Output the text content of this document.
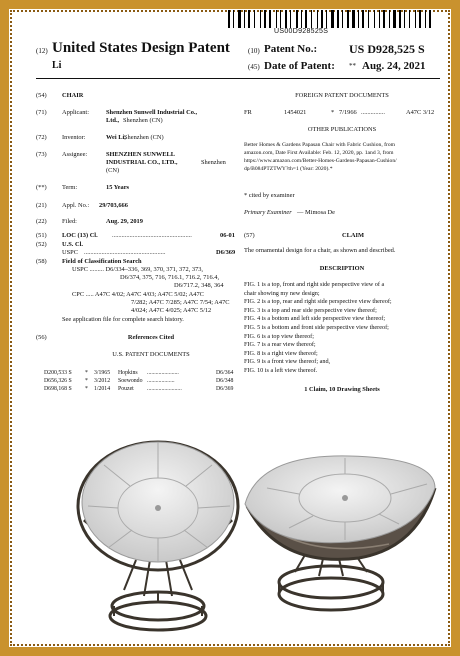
US00D928525S
(12) United States Design Patent
Li
(10) Patent No.:	US D928,525 S
(45) Date of Patent: ** Aug. 24, 2021
(54) CHAIR
(71) Applicant:	Shenzhen Sunwell Industrial Co.,
Ltd., Shenzhen (CN)
(72) Inventor:	Wei Li,
Shenzhen (CN)
(73) Assignee:	SHENZHEN SUNWELL
INDUSTRIAL CO., LTD.,	Shenzhen
(CN)
(**) Term:	15 Years
(21) Appl. No.: 29/703,666
(22) Filed:	Aug. 29, 2019
(51) LOC (13) Cl. ..................................................	06-01
(52) U.S. Cl.
USPC ...................................................	D6/369
(58) Field of Classification Search
USPC ......... D6/334–336, 369, 370, 371, 372, 373,
D6/374, 375, 716, 716.1, 716.2, 716.4,
D6/717.2, 348, 364
CPC ..... A47C 4/02; A47C 4/03; A47C 5/02; A47C
7/282; A47C 7/285; A47C 7/54; A47C
4/024; A47C 4/025; A47C 5/12
See application file for complete search history.
(56)	References Cited
U.S. PATENT DOCUMENTS
D200,533 S * 3/1965 Hopkins ......................	D6/364
D656,326 S * 3/2012 Soewondo ...................	D6/348
D698,168 S * 1/2014 Pouzet ........................	D6/369
FOREIGN PATENT DOCUMENTS
FR	1454021	* 7/1966 ...............	A47C 3/12
OTHER PUBLICATIONS
Better Homes & Gardens Papasan Chair with Fabric Cushion, from
amazon.com, Date First Available: Feb. 12, 2020, pp. 1and 3, from
https://www.amazon.com/Better-Homes-Gardens-Papasan-Cushion/
dp/B084PTZTWY?th=1 (Year: 2020).*
* cited by examiner
Primary Examiner — Mimosa De
(57)	CLAIM
The ornamental design for a chair, as shown and described.
DESCRIPTION
FIG. 1 is a top, front and right side perspective view of a
chair showing my new design;
FIG. 2 is a top, rear and right side perspective view thereof;
FIG. 3 is a top and rear side perspective view thereof;
FIG. 4 is a bottom and left side perspective view thereof;
FIG. 5 is a bottom and front side perspective view thereof;
FIG. 6 is a top view thereof;
FIG. 7 is a rear view thereof;
FIG. 8 is a right view thereof;
FIG. 9 is a front view thereof; and,
FIG. 10 is a left view thereof.
1 Claim, 10 Drawing Sheets
